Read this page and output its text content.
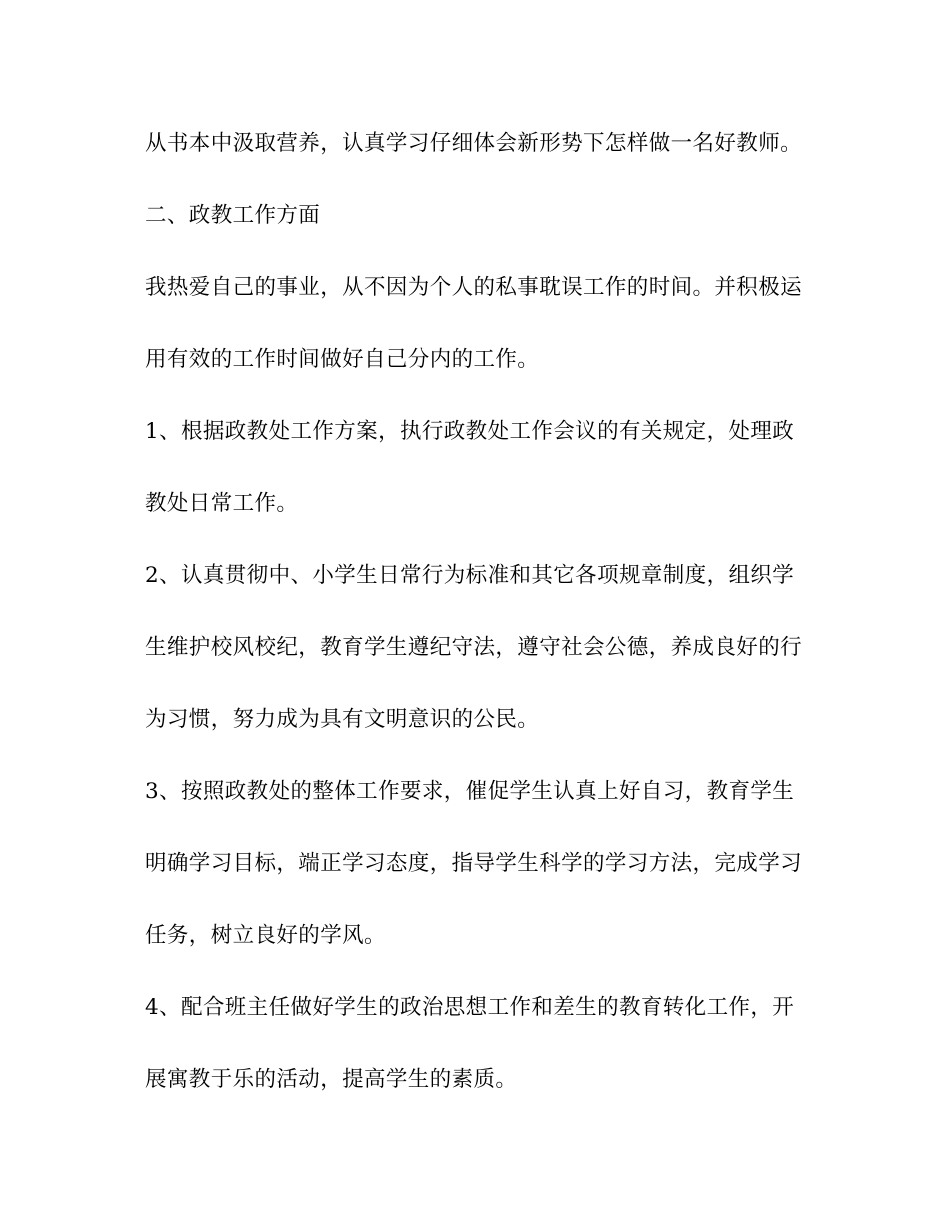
从书本中汲取营养，认真学习仔细体会新形势下怎样做一名好教师。
二、政教工作方面
我热爱自己的事业，从不因为个人的私事耽误工作的时间。并积极运
用有效的工作时间做好自己分内的工作。
1、根据政教处工作方案，执行政教处工作会议的有关规定，处理政
教处日常工作。
2、认真贯彻中、小学生日常行为标准和其它各项规章制度，组织学
生维护校风校纪，教育学生遵纪守法，遵守社会公德，养成良好的行
为习惯，努力成为具有文明意识的公民。
3、按照政教处的整体工作要求，催促学生认真上好自习，教育学生
明确学习目标，端正学习态度，指导学生科学的学习方法，完成学习
任务，树立良好的学风。
4、配合班主任做好学生的政治思想工作和差生的教育转化工作，开
展寓教于乐的活动，提高学生的素质。
